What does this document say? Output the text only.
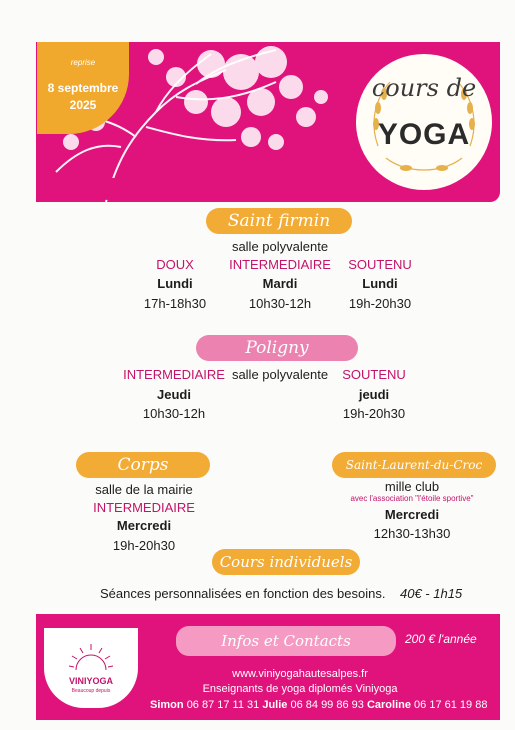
reprise
8 septembre
2025
cours de
YOGA
Saint firmin
salle polyvalente
DOUX
Lundi
17h-18h30
INTERMEDIAIRE
Mardi
10h30-12h
SOUTENU
Lundi
19h-20h30
Poligny
INTERMEDIAIRE salle polyvalente	SOUTENU
Jeudi
10h30-12h
jeudi
19h-20h30
Corps
salle de la mairie
INTERMEDIAIRE
Mercredi
19h-20h30
Saint-Laurent-du-Croc
mille club
avec l'association "l'étoile sportive"
Mercredi
12h30-13h30
Cours individuels
Séances personnalisées en fonction des besoins. 40€ - 1h15
VINIYOGA
Beaucoup depuis
Infos et Contacts	200 € l'année
www.viniyogahautesalpes.fr
Enseignants de yoga diplomés Viniyoga
Simon 06 87 17 11 31 Julie 06 84 99 86 93 Caroline 06 17 61 19 88
